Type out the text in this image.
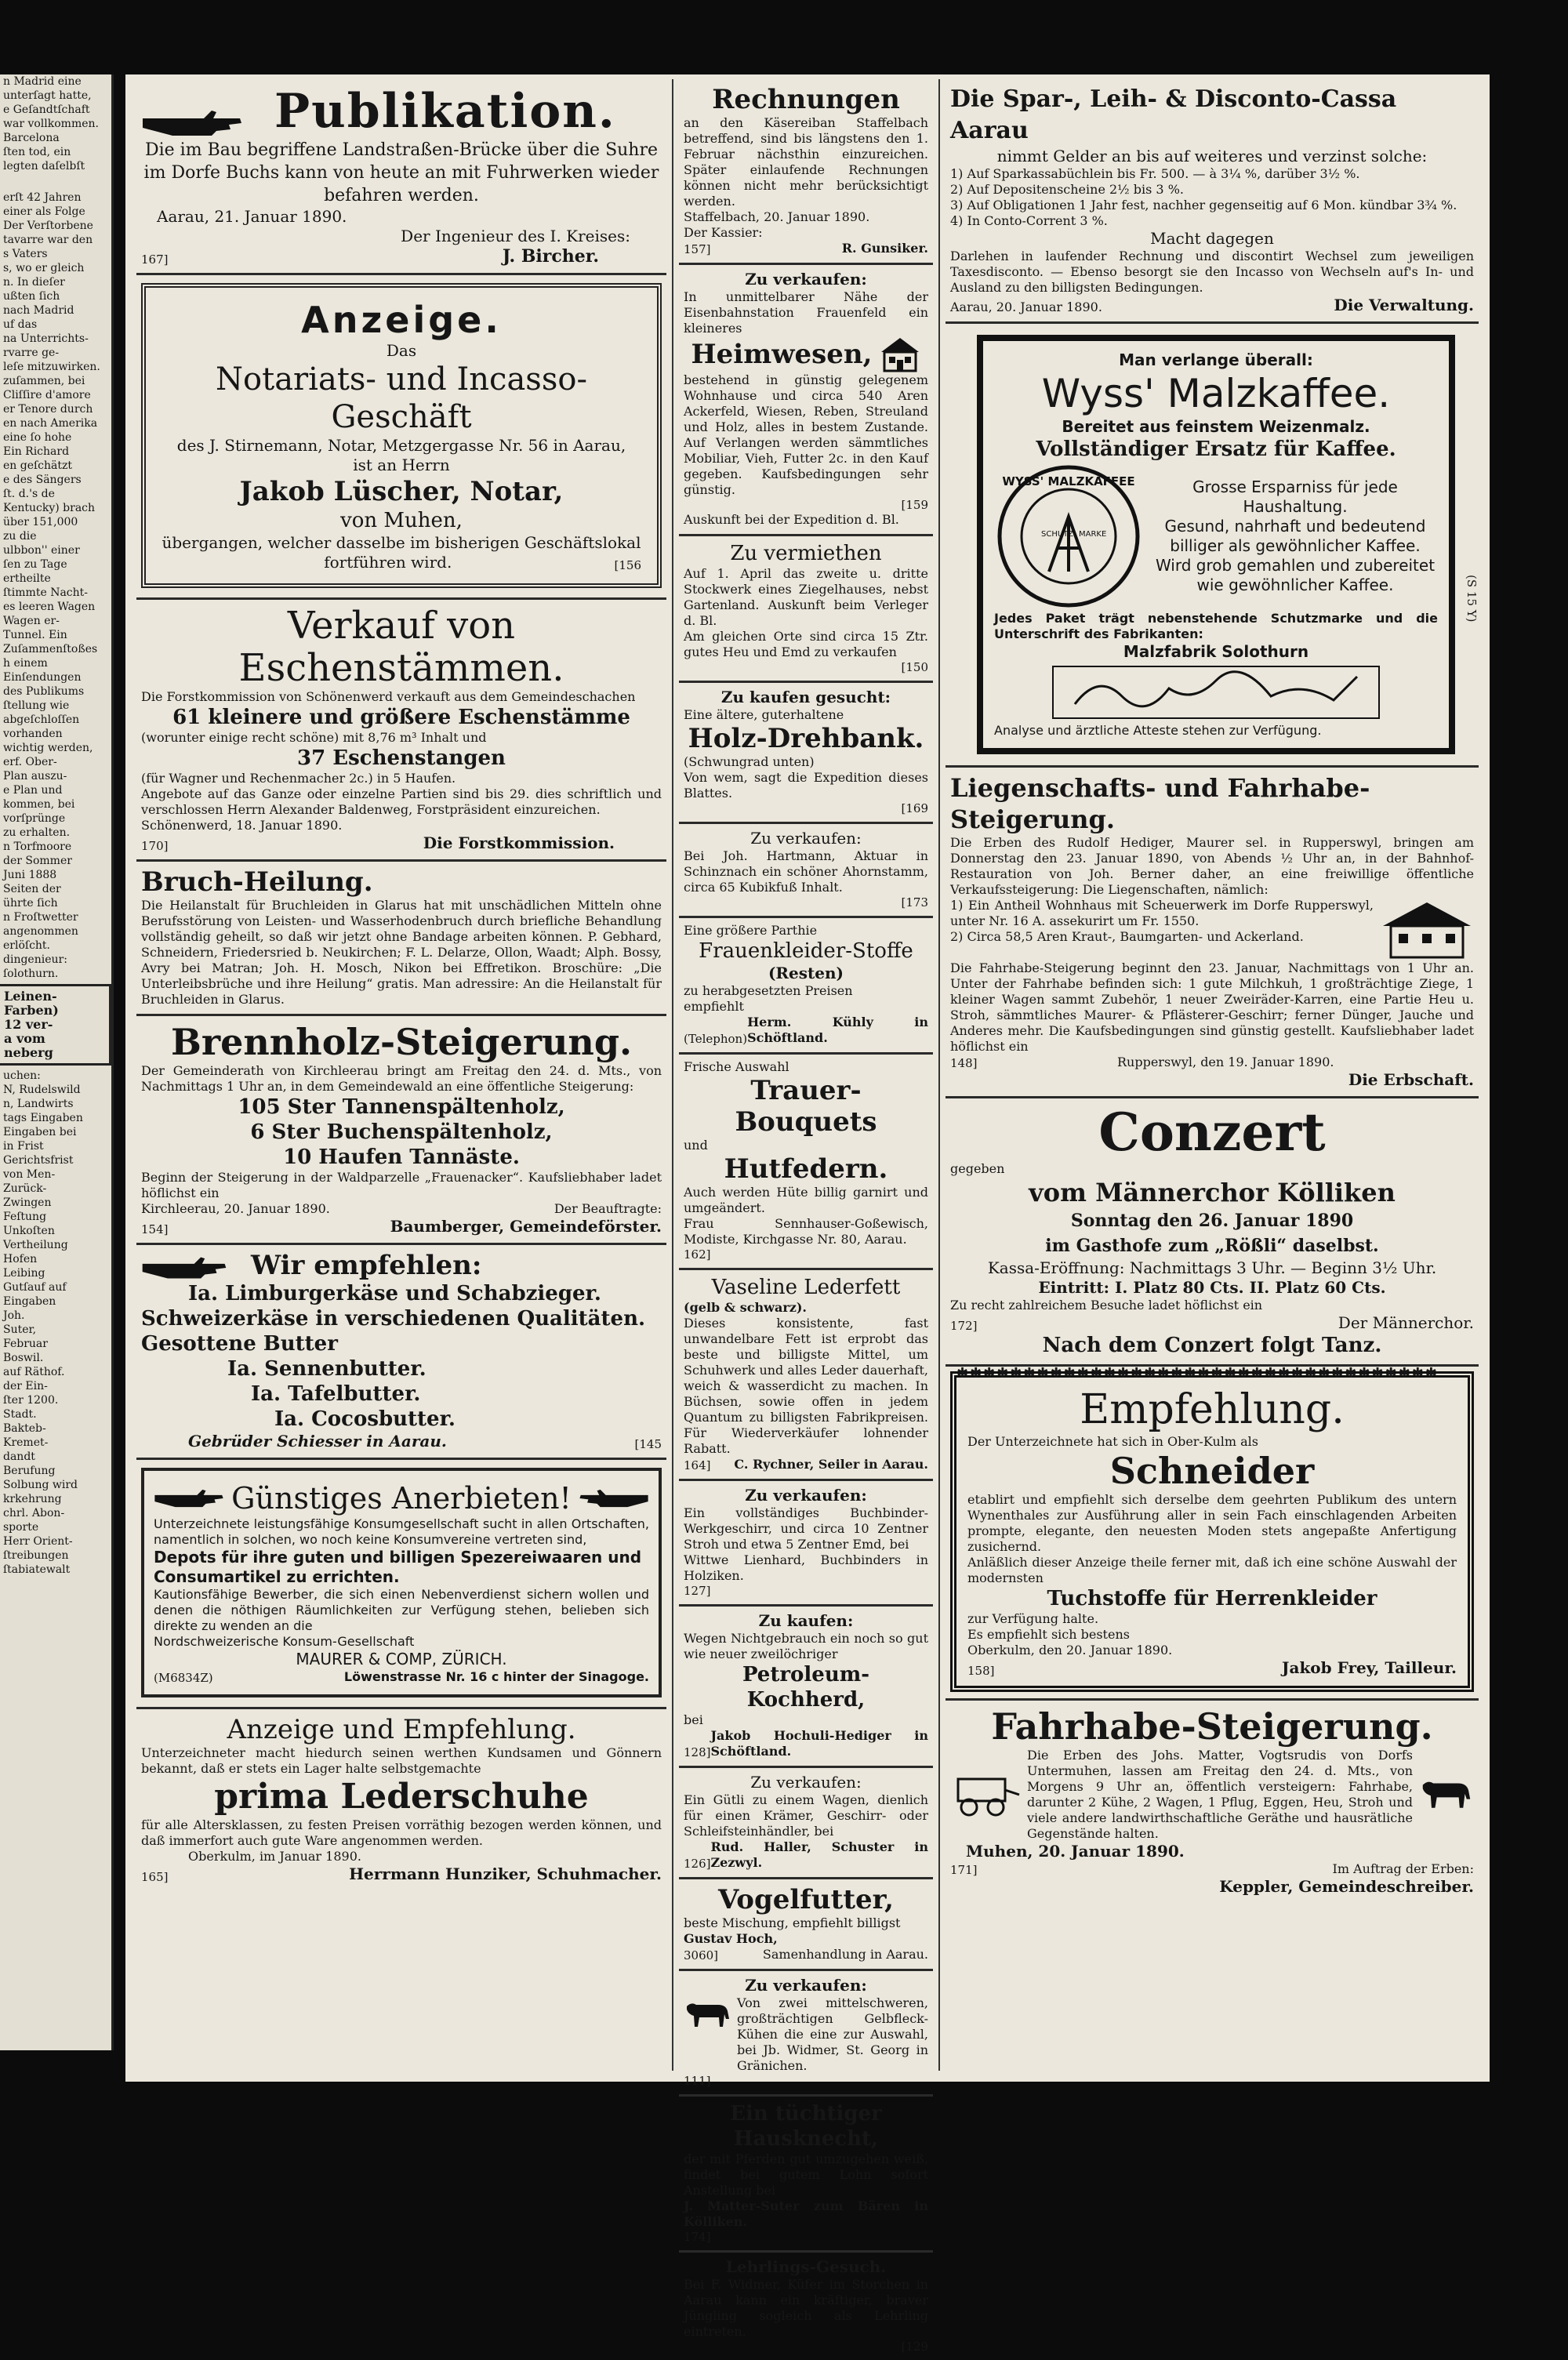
n Madrid eine
unterſagt hatte,
e Geſandtſchaft
war vollkommen.
Barcelona
ſten tod, ein
legten daſelbſt
erſt 42 Jahren
einer als Folge
Der Verſtorbene
tavarre war den
s Vaters
s, wo er gleich
n. In dieſer
ußten ſich
nach Madrid
uf das
na Unterrichts-
rvarre ge-
leſe mitzuwirken.
zuſammen, bei
Cliſſire d'amore
er Tenore durch
en nach Amerika
eine ſo hohe
Ein Richard
en geſchätzt
e des Sängers
ſt. d.'s de
Kentucky) brach
über 151,000
zu die
ulbbon'' einer
ſen zu Tage
ertheilte
ſtimmte Nacht-
es leeren Wagen
Wagen er-
Tunnel. Ein
Zuſammenſtoßes
h einem
Einſendungen
des Publikums
ſtellung wie
abgeſchloſſen
vorhanden
wichtig werden,
erf. Ober-
Plan auszu-
e Plan und
kommen, bei
vorſprünge
zu erhalten.
n Torfmoore
der Sommer
Juni 1888
Seiten der
ührte ſich
n Froſtwetter
angenommen
erlöſcht.
dingenieur:
ſolothurn.
Leinen-
Farben)
12 ver-
a vom
neberg
uchen:
N, Rudelswild
n, Landwirts
tags Eingaben
Eingaben bei
in Frist
Gerichtsfrist
von Men-
Zurück-
Zwingen
Feſtung
Unkoſten
Vertheilung
Hofen
Leibing
Gutſauf auf
Eingaben
Joh.
Suter,
Februar
Boswil.
auf Räthof.
der Ein-
ſter 1200.
Stadt.
Bakteb-
Kremet-
dandt
Berufung
Solbung wird
krkehrung
chrl. Abon-
sporte
Herr Orient-
ſtreibungen
ſtabiatewalt
Publikation.
Die im Bau begriffene Landstraßen-Brücke über die Suhre im Dorfe Buchs kann von heute an mit Fuhrwerken wieder befahren werden.
Aarau, 21. Januar 1890.
Der Ingenieur des I. Kreises:
167]	J. Bircher.
Anzeige.
Das
Notariats- und Incasso-Geschäft
des J. Stirnemann, Notar, Metzgergasse Nr. 56 in Aarau,
ist an Herrn
Jakob Lüscher, Notar,
von Muhen,
übergangen, welcher dasselbe im bisherigen Geschäftslokal
fortführen wird.	[156
Verkauf von Eschenstämmen.
Die Forstkommission von Schönenwerd verkauft aus dem Gemeindeschachen
61 kleinere und größere Eschenstämme
(worunter einige recht schöne) mit 8,76 m³ Inhalt und
37 Eschenstangen
(für Wagner und Rechenmacher 2c.) in 5 Haufen.
Angebote auf das Ganze oder einzelne Partien sind bis 29. dies schriftlich und verschlossen Herrn Alexander Baldenweg, Forstpräsident einzureichen.
Schönenwerd, 18. Januar 1890.
170]	Die Forstkommission.
Bruch-Heilung.
Die Heilanstalt für Bruchleiden in Glarus hat mit unschädlichen Mitteln ohne Berufsstörung von Leisten- und Wasserhodenbruch durch briefliche Behandlung vollständig geheilt, so daß wir jetzt ohne Bandage arbeiten können. P. Gebhard, Schneidern, Friedersried b. Neukirchen; F. L. Delarze, Ollon, Waadt; Alph. Bossy, Avry bei Matran; Joh. H. Mosch, Nikon bei Effretikon. Broschüre: „Die Unterleibsbrüche und ihre Heilung“ gratis. Man adressire: An die Heilanstalt für Bruchleiden in Glarus.
Brennholz-Steigerung.
Der Gemeinderath von Kirchleerau bringt am Freitag den 24. d. Mts., von Nachmittags 1 Uhr an, in dem Gemeindewald an eine öffentliche Steigerung:
105 Ster Tannenspältenholz,
6 Ster Buchenspältenholz,
10 Haufen Tannäste.
Beginn der Steigerung in der Waldparzelle „Frauenacker“. Kaufsliebhaber ladet höflichst ein
Kirchleerau, 20. Januar 1890.	Der Beauftragte:
154]	Baumberger, Gemeindeförster.
Wir empfehlen:
Ia. Limburgerkäse und Schabzieger.
Schweizerkäse in verschiedenen Qualitäten.
Gesottene Butter
Ia. Sennenbutter.
Ia. Tafelbutter.
Ia. Cocosbutter.
Gebrüder Schiesser in Aarau.	[145
Günstiges Anerbieten!
Unterzeichnete leistungsfähige Konsumgesellschaft sucht in allen Ortschaften, namentlich in solchen, wo noch keine Konsumvereine vertreten sind,
Depots für ihre guten und billigen Spezereiwaaren und Consumartikel zu errichten.
Kautionsfähige Bewerber, die sich einen Nebenverdienst sichern wollen und denen die nöthigen Räumlichkeiten zur Verfügung stehen, belieben sich direkte zu wenden an die
Nordschweizerische Konsum-Gesellschaft
MAURER & COMP, ZÜRICH.
(M6834Z)	Löwenstrasse Nr. 16 c hinter der Sinagoge.
Anzeige und Empfehlung.
Unterzeichneter macht hiedurch seinen werthen Kundsamen und Gönnern bekannt, daß er stets ein Lager halte selbstgemachte
prima Lederschuhe
für alle Altersklassen, zu festen Preisen vorräthig bezogen werden können, und daß immerfort auch gute Ware angenommen werden.
Oberkulm, im Januar 1890.
165]	Herrmann Hunziker, Schuhmacher.
Rechnungen
an den Käsereiban Staffelbach betreffend, sind bis längstens den 1. Februar nächsthin einzureichen. Später einlaufende Rechnungen können nicht mehr berücksichtigt werden.
Staffelbach, 20. Januar 1890.
Der Kassier:
157]	R. Gunsiker.
Zu verkaufen:
In unmittelbarer Nähe der Eisenbahnstation Frauenfeld ein kleineres
Heimwesen,
bestehend in günstig gelegenem Wohnhause und circa 540 Aren Ackerfeld, Wiesen, Reben, Streuland und Holz, alles in bestem Zustande. Auf Verlangen werden sämmtliches Mobiliar, Vieh, Futter 2c. in den Kauf gegeben. Kaufsbedingungen sehr günstig.
[159
Auskunft bei der Expedition d. Bl.
Zu vermiethen
Auf 1. April das zweite u. dritte Stockwerk eines Ziegelhauses, nebst Gartenland. Auskunft beim Verleger d. Bl.
Am gleichen Orte sind circa 15 Ztr. gutes Heu und Emd zu verkaufen
[150
Zu kaufen gesucht:
Eine ältere, guterhaltene
Holz-Drehbank.
(Schwungrad unten)
Von wem, sagt die Expedition dieses Blattes.
[169
Zu verkaufen:
Bei Joh. Hartmann, Aktuar in Schinznach ein schöner Ahornstamm, circa 65 Kubikfuß Inhalt.
[173
Eine größere Parthie
Frauenkleider-Stoffe
(Resten)
zu herabgesetzten Preisen
empfiehlt
(Telephon)
Herm. Kühly in Schöftland.
Frische Auswahl
Trauer-Bouquets
und
Hutfedern.
Auch werden Hüte billig garnirt und umgeändert.
Frau Sennhauser-Goßewisch, Modiste, Kirchgasse Nr. 80, Aarau.
162]
Vaseline Lederfett
(gelb & schwarz).
Dieses konsistente, fast unwandelbare Fett ist erprobt das beste und billigste Mittel, um Schuhwerk und alles Leder dauerhaft, weich & wasserdicht zu machen. In Büchsen, sowie offen in jedem Quantum zu billigsten Fabrikpreisen. Für Wiederverkäufer lohnender Rabatt.
164] C. Rychner, Seiler in Aarau.
Zu verkaufen:
Ein vollständiges Buchbinder-Werkgeschirr, und circa 10 Zentner Stroh und etwa 5 Zentner Emd, bei
Wittwe Lienhard, Buchbinders in Holziken.
127]
Zu kaufen:
Wegen Nichtgebrauch ein noch so gut wie neuer zweilöchriger
Petroleum-Kochherd,
bei
128]
Jakob Hochuli-Hediger in Schöftland.
Zu verkaufen:
Ein Gütli zu einem Wagen, dienlich für einen Krämer, Geschirr- oder Schleifsteinhändler, bei
126]
Rud. Haller, Schuster in Zezwyl.
Vogelfutter,
beste Mischung, empfiehlt billigst
Gustav Hoch,
3060]	Samenhandlung in Aarau.
Zu verkaufen:
Von zwei mittelschweren, großträchtigen Gelbfleck-Kühen die eine zur Auswahl, bei Jb. Widmer, St. Georg in Gränichen.
111]
Ein tüchtiger Hausknecht,
der mit Pferden gut umzugehen weiß, findet bei gutem Lohn sofort Anstellung bei
J. Matter-Suter zum Bären in Kölliken.
174]
Lehrlings-Gesuch.
Bei F. Widmer, Küfer im Storchen in Aarau kann ein kräftiger, braver Jüngling sogleich als Lehrling eintreten.
[129
Die Spar-, Leih- & Disconto-Cassa Aarau
nimmt Gelder an bis auf weiteres und verzinst solche:
1) Auf Sparkassabüchlein bis Fr. 500. — à 3¼ %, darüber 3½ %.
2) Auf Depositenscheine 2½ bis 3 %.
3) Auf Obligationen 1 Jahr fest, nachher gegenseitig auf 6 Mon. kündbar 3¾ %.
4) In Conto-Corrent 3 %.
Macht dagegen
Darlehen in laufender Rechnung und discontirt Wechsel zum jeweiligen Taxesdisconto. — Ebenso besorgt sie den Incasso von Wechseln auf's In- und Ausland zu den billigsten Bedingungen.
Aarau, 20. Januar 1890.	Die Verwaltung.
Man verlange überall:
Wyss' Malzkaffee.
Bereitet aus feinstem Weizenmalz.
Vollständiger Ersatz für Kaffee.
WYSS' MALZKAFFEE
SCHUTZ MARKE
Grosse Ersparniss für jede Haushaltung.
Gesund, nahrhaft und bedeutend billiger als gewöhnlicher Kaffee.
Wird grob gemahlen und zubereitet wie gewöhnlicher Kaffee.
Jedes Paket trägt nebenstehende Schutzmarke und die Unterschrift des Fabrikanten:
Malzfabrik Solothurn
Analyse und ärztliche Atteste stehen zur Verfügung.
(S 15 Y)
Liegenschafts- und Fahrhabe-Steigerung.
Die Erben des Rudolf Hediger, Maurer sel. in Rupperswyl, bringen am Donnerstag den 23. Januar 1890, von Abends ½ Uhr an, in der Bahnhof-Restauration von Joh. Berner daher, an eine freiwillige öffentliche Verkaufssteigerung: Die Liegenschaften, nämlich:
1) Ein Antheil Wohnhaus mit Scheuerwerk im Dorfe Rupperswyl, unter Nr. 16 A. assekurirt um Fr. 1550.
2) Circa 58,5 Aren Kraut-, Baumgarten- und Ackerland.
Die Fahrhabe-Steigerung beginnt den 23. Januar, Nachmittags von 1 Uhr an. Unter der Fahrhabe befinden sich: 1 gute Milchkuh, 1 großträchtige Ziege, 1 kleiner Wagen sammt Zubehör, 1 neuer Zweiräder-Karren, eine Partie Heu u. Stroh, sämmtliches Maurer- & Pflästerer-Geschirr; ferner Dünger, Jauche und Anderes mehr. Die Kaufsbedingungen sind günstig gestellt. Kaufsliebhaber ladet höflichst ein
148]	Rupperswyl, den 19. Januar 1890.
Die Erbschaft.
Conzert
gegeben
vom Männerchor Kölliken
Sonntag den 26. Januar 1890
im Gasthofe zum „Rößli“ daselbst.
Kassa-Eröffnung: Nachmittags 3 Uhr. — Beginn 3½ Uhr.
Eintritt: I. Platz 80 Cts. II. Platz 60 Cts.
Zu recht zahlreichem Besuche ladet höflichst ein
172]	Der Männerchor.
Nach dem Conzert folgt Tanz.
✱✱✱✱✱✱✱✱✱✱✱✱✱✱✱✱✱✱✱✱✱✱✱✱✱✱✱✱✱✱✱✱✱✱✱✱
Empfehlung.
Der Unterzeichnete hat sich in Ober-Kulm als
Schneider
etablirt und empfiehlt sich derselbe dem geehrten Publikum des untern Wynenthales zur Ausführung aller in sein Fach einschlagenden Arbeiten prompte, elegante, den neuesten Moden stets angepaßte Anfertigung zusichernd.
Anläßlich dieser Anzeige theile ferner mit, daß ich eine schöne Auswahl der modernsten
Tuchstoffe für Herrenkleider
zur Verfügung halte.
Es empfiehlt sich bestens
Oberkulm, den 20. Januar 1890.
158]	Jakob Frey, Tailleur.
Fahrhabe-Steigerung.
Die Erben des Johs. Matter, Vogtsrudis von Dorfs Untermuhen, lassen am Freitag den 24. d. Mts., von Morgens 9 Uhr an, öffentlich versteigern: Fahrhabe, darunter 2 Kühe, 2 Wagen, 1 Pflug, Eggen, Heu, Stroh und viele andere landwirthschaftliche Geräthe und hausrätliche Gegenstände halten.
Muhen, 20. Januar 1890.
171]	Im Auftrag der Erben:
Keppler, Gemeindeschreiber.
